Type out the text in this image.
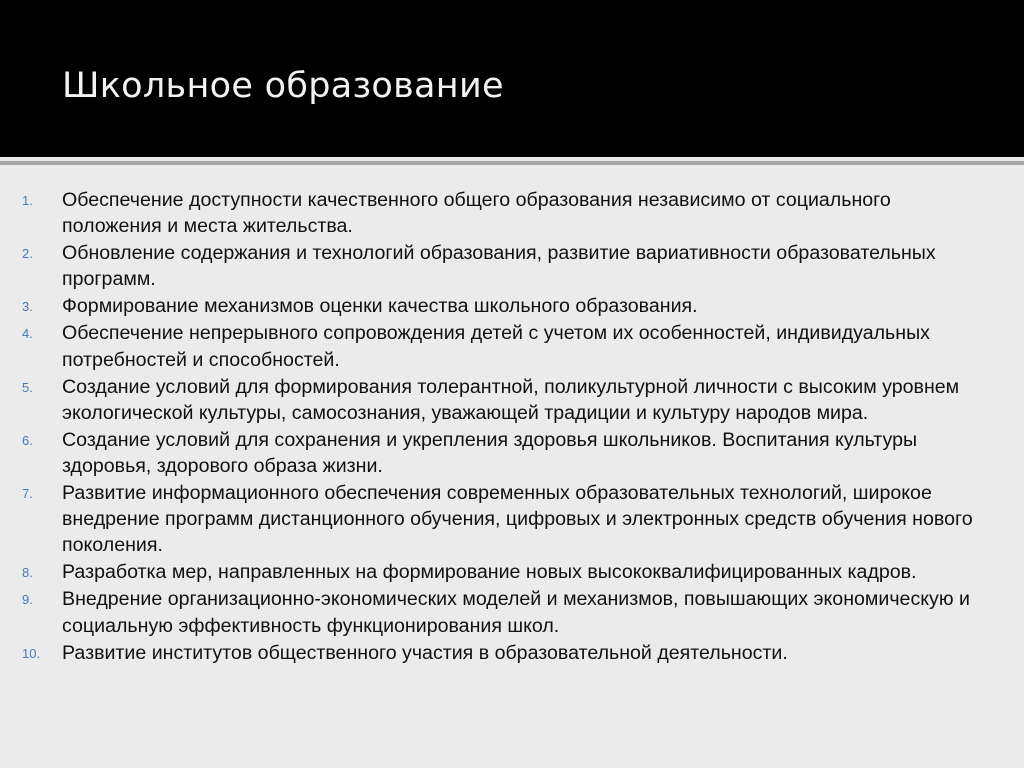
Школьное образование
1. Обеспечение доступности качественного общего образования независимо от социального положения и места жительства.
2. Обновление содержания и технологий образования, развитие вариативности образовательных программ.
3. Формирование механизмов оценки качества школьного образования.
4. Обеспечение непрерывного сопровождения детей с учетом их особенностей, индивидуальных потребностей и способностей.
5. Создание условий для формирования толерантной, поликультурной личности с высоким уровнем экологической культуры, самосознания, уважающей традиции и культуру народов мира.
6. Создание условий для сохранения и укрепления здоровья школьников. Воспитания культуры здоровья, здорового образа жизни.
7. Развитие информационного обеспечения современных образовательных технологий, широкое внедрение программ дистанционного обучения, цифровых и электронных средств обучения нового поколения.
8. Разработка мер, направленных на формирование новых высококвалифицированных кадров.
9. Внедрение организационно-экономических моделей и механизмов, повышающих экономическую и социальную эффективность функционирования школ.
10. Развитие институтов общественного участия в образовательной деятельности.
